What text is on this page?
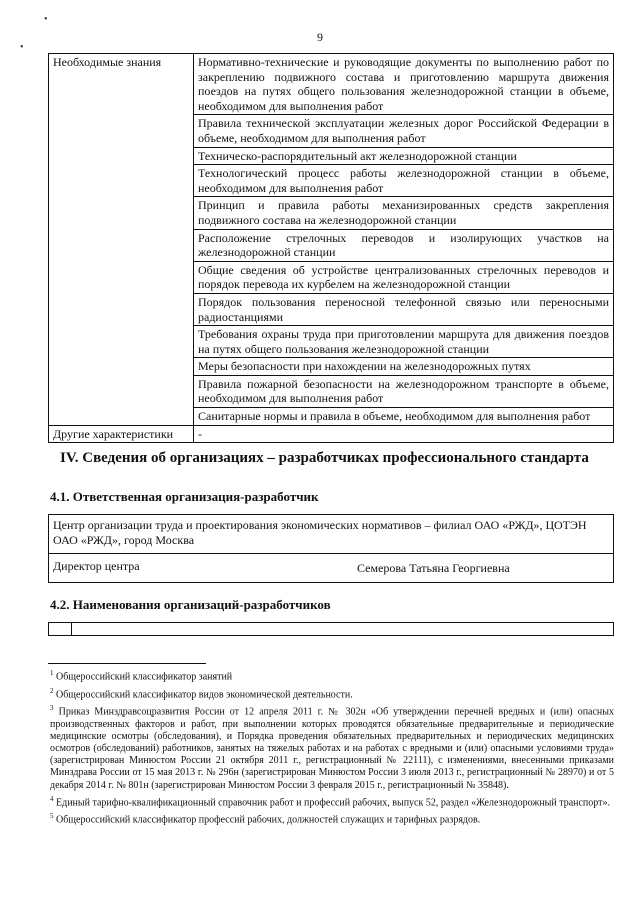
9
•
•
Необходимые знания	Нормативно-технические и руководящие документы по выполнению работ по закреплению подвижного состава и приготовлению маршрута движения поездов на путях общего пользования железнодорожной станции в объеме, необходимом для выполнения работ
	Правила технической эксплуатации железных дорог Российской Федерации в объеме, необходимом для выполнения работ
	Техническо-распорядительный акт железнодорожной станции
	Технологический процесс работы железнодорожной станции в объеме, необходимом для выполнения работ
	Принцип и правила работы механизированных средств закрепления подвижного состава на железнодорожной станции
	Расположение стрелочных переводов и изолирующих участков на железнодорожной станции
	Общие сведения об устройстве централизованных стрелочных переводов и порядок перевода их курбелем на железнодорожной станции
	Порядок пользования переносной телефонной связью или переносными радиостанциями
	Требования охраны труда при приготовлении маршрута для движения поездов на путях общего пользования железнодорожной станции
	Меры безопасности при нахождении на железнодорожных путях
	Правила пожарной безопасности на железнодорожном транспорте в объеме, необходимом для выполнения работ
	Санитарные нормы и правила в объеме, необходимом для выполнения работ
Другие характеристики	-
IV. Сведения об организациях – разработчиках профессионального стандарта
4.1. Ответственная организация-разработчик
Центр организации труда и проектирования экономических нормативов – филиал ОАО «РЖД», ЦОТЭН ОАО «РЖД», город Москва
Директор центра	Семерова Татьяна Георгиевна
4.2. Наименования организаций-разработчиков

$^1$ Общероссийский классификатор занятий

$^2$ Общероссийский классификатор видов экономической деятельности.

$^3$ Приказ Минздравсоцразвития России от 12 апреля 2011 г. № 302н «Об утверждении перечней вредных и (или) опасных производственных факторов и работ, при выполнении которых проводятся обязательные предварительные и периодические медицинские осмотры (обследования), и Порядка проведения обязательных предварительных и периодических медицинских осмотров (обследований) работников, занятых на тяжелых работах и на работах с вредными и (или) опасными условиями труда» (зарегистрирован Минюстом России 21 октября 2011 г., регистрационный № 22111), с изменениями, внесенными приказами Минздрава России от 15 мая 2013 г. № 296н (зарегистрирован Минюстом России 3 июля 2013 г., регистрационный № 28970) и от 5 декабря 2014 г. № 801н (зарегистрирован Минюстом России 3 февраля 2015 г., регистрационный № 35848).

$^4$ Единый тарифно-квалификационный справочник работ и профессий рабочих, выпуск 52, раздел «Железнодорожный транспорт».

$^5$ Общероссийский классификатор профессий рабочих, должностей служащих и тарифных разрядов.
